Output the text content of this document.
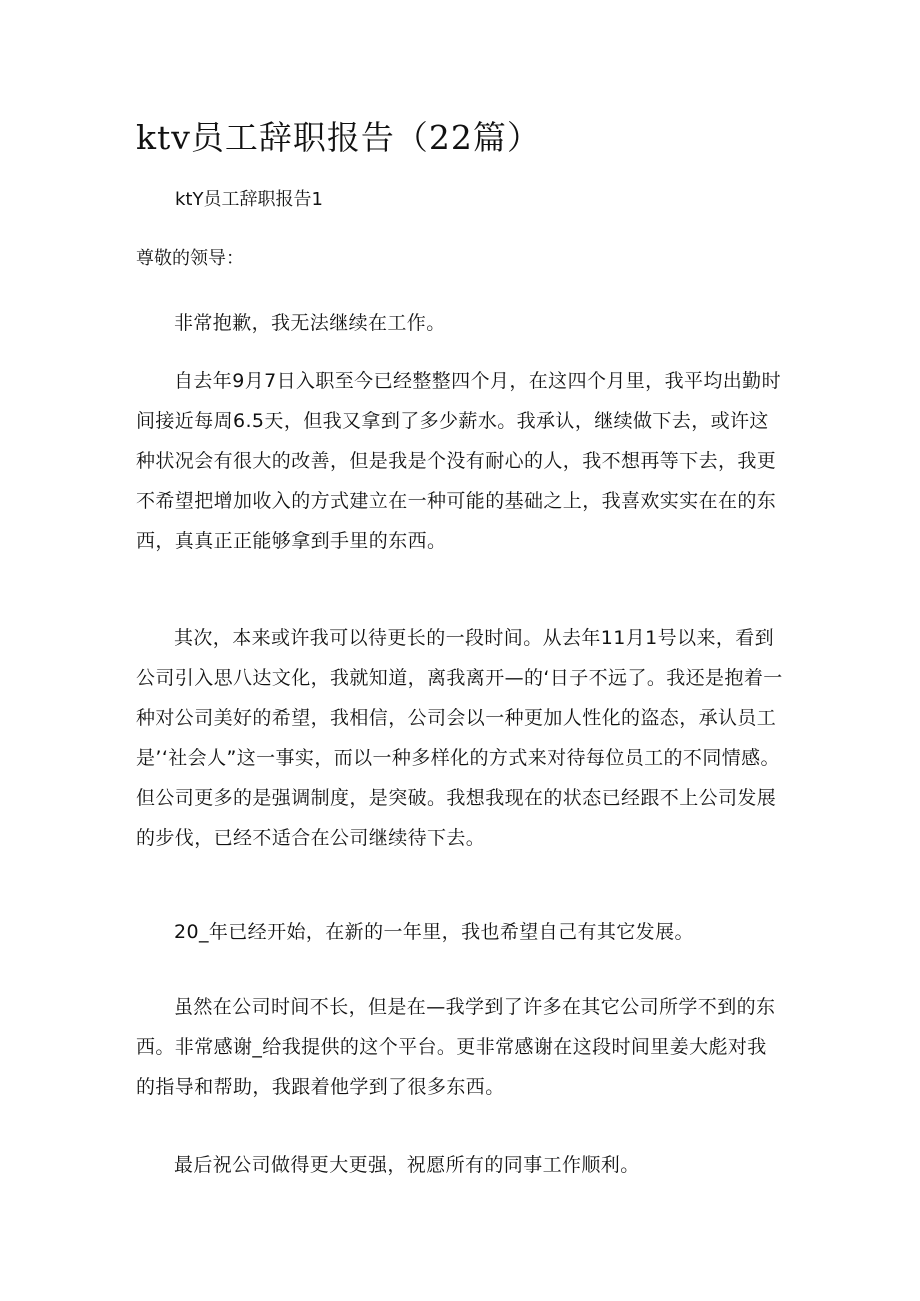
ktv员工辞职报告（22篇）
ktY员工辞职报告1
尊敬的领导：

非常抱歉，我无法继续在工作。

自去年9月7日入职至今已经整整四个月，在这四个月里，我平均出勤时间接近每周6.5天，但我又拿到了多少薪水。我承认，继续做下去，或许这种状况会有很大的改善，但是我是个没有耐心的人，我不想再等下去，我更不希望把增加收入的方式建立在一种可能的基础之上，我喜欢实实在在的东西，真真正正能够拿到手里的东西。

其次，本来或许我可以待更长的一段时间。从去年11月1号以来，看到公司引入思八达文化，我就知道，离我离开—的‘日子不远了。我还是抱着一种对公司美好的希望，我相信，公司会以一种更加人性化的盗态，承认员工是’‘社会人”这一事实，而以一种多样化的方式来对待每位员工的不同情感。但公司更多的是强调制度，是突破。我想我现在的状态已经跟不上公司发展的步伐，已经不适合在公司继续待下去。

20_年已经开始，在新的一年里，我也希望自己有其它发展。

虽然在公司时间不长，但是在—我学到了许多在其它公司所学不到的东西。非常感谢_给我提供的这个平台。更非常感谢在这段时间里姜大彪对我的指导和帮助，我跟着他学到了很多东西。

最后祝公司做得更大更强，祝愿所有的同事工作顺利。
